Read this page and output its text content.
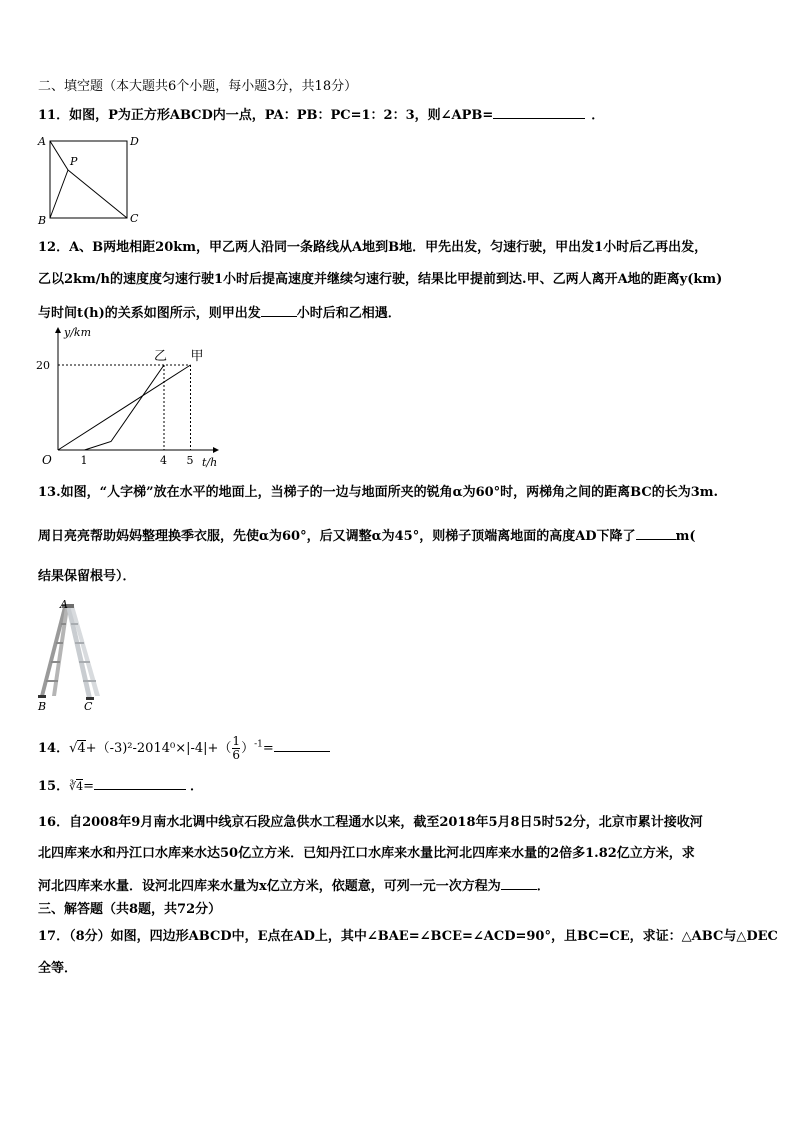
二、填空题（本大题共6个小题，每小题3分，共18分）
11．如图，P为正方形ABCD内一点，PA：PB：PC=1：2：3，则∠APB=	．
A	D
P
B	C
12．A、B两地相距20km，甲乙两人沿同一条路线从A地到B地．甲先出发，匀速行驶，甲出发1小时后乙再出发，
乙以2km/h的速度度匀速行驶1小时后提高速度并继续匀速行驶，结果比甲提前到达.甲、乙两人离开A地的距离y(km)
与时间t(h)的关系如图所示，则甲出发	小时后和乙相遇．
甲
乙
1	4 5
20
O	t/h
y/km
13.如图，“人字梯”放在水平的地面上，当梯子的一边与地面所夹的锐角α为60°时，两梯角之间的距离BC的长为3m.
周日亮亮帮助妈妈整理换季衣服，先使α为60°，后又调整α为45°，则梯子顶端离地面的高度AD下降了	m(
结果保留根号）．
A
B	C
14．$√4+(-3)^2-2014^0\times|-4|+( \frac{1}{6} )^{-1}=$
15．∛4=	．
16．自2008年9月南水北调中线京石段应急供水工程通水以来，截至2018年5月8日5时52分，北京市累计接收河
北四库来水和丹江口水库来水达50亿立方米．已知丹江口水库来水量比河北四库来水量的2倍多1.82亿立方米，求
河北四库来水量．设河北四库来水量为x亿立方米，依题意，可列一元一次方程为	．
三、解答题（共8题，共72分）
17．（8分）如图，四边形ABCD中，E点在AD上，其中∠BAE=∠BCE=∠ACD=90°，且BC=CE，求证：△ABC与△DEC
全等．
